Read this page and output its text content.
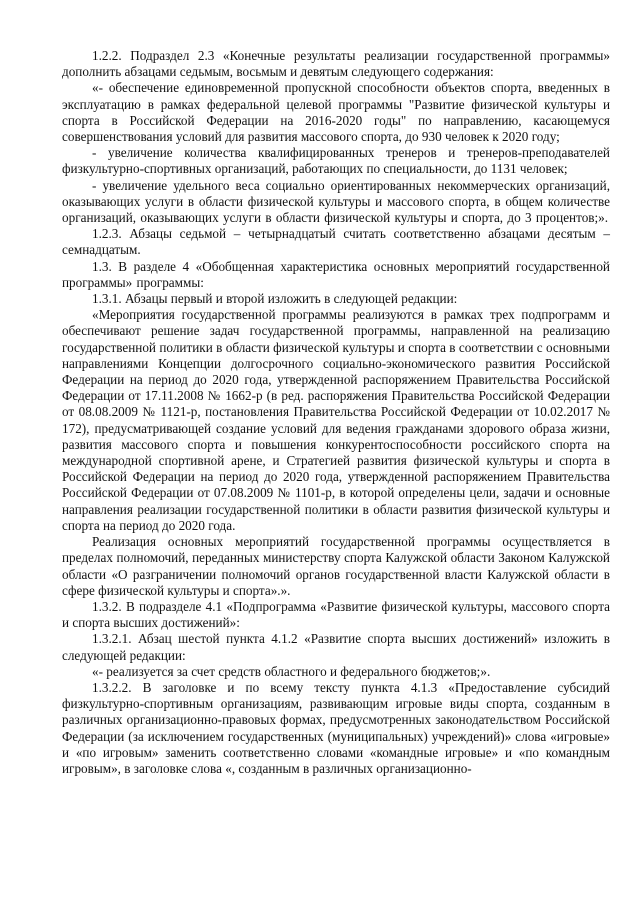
1.2.2. Подраздел 2.3 «Конечные результаты реализации государственной программы» дополнить абзацами седьмым, восьмым и девятым следующего содержания:

«- обеспечение единовременной пропускной способности объектов спорта, введенных в эксплуатацию в рамках федеральной целевой программы "Развитие физической культуры и спорта в Российской Федерации на 2016-2020 годы" по направлению, касающемуся совершенствования условий для развития массового спорта, до 930 человек к 2020 году;

- увеличение количества квалифицированных тренеров и тренеров-преподавателей физкультурно-спортивных организаций, работающих по специальности, до 1131 человек;

- увеличение удельного веса социально ориентированных некоммерческих организаций, оказывающих услуги в области физической культуры и массового спорта, в общем количестве организаций, оказывающих услуги в области физической культуры и спорта, до 3 процентов;».

1.2.3. Абзацы седьмой – четырнадцатый считать соответственно абзацами десятым – семнадцатым.

1.3. В разделе 4 «Обобщенная характеристика основных мероприятий государственной программы» программы:

1.3.1. Абзацы первый и второй изложить в следующей редакции:

«Мероприятия государственной программы реализуются в рамках трех подпрограмм и обеспечивают решение задач государственной программы, направленной на реализацию государственной политики в области физической культуры и спорта в соответствии с основными направлениями Концепции долгосрочного социально-экономического развития Российской Федерации на период до 2020 года, утвержденной распоряжением Правительства Российской Федерации от 17.11.2008 № 1662-р (в ред. распоряжения Правительства Российской Федерации от 08.08.2009 № 1121-р, постановления Правительства Российской Федерации от 10.02.2017 № 172), предусматривающей создание условий для ведения гражданами здорового образа жизни, развития массового спорта и повышения конкурентоспособности российского спорта на международной спортивной арене, и Стратегией развития физической культуры и спорта в Российской Федерации на период до 2020 года, утвержденной распоряжением Правительства Российской Федерации от 07.08.2009 № 1101-р, в которой определены цели, задачи и основные направления реализации государственной политики в области развития физической культуры и спорта на период до 2020 года.

Реализация основных мероприятий государственной программы осуществляется в пределах полномочий, переданных министерству спорта Калужской области Законом Калужской области «О разграничении полномочий органов государственной власти Калужской области в сфере физической культуры и спорта».».

1.3.2. В подразделе 4.1 «Подпрограмма «Развитие физической культуры, массового спорта и спорта высших достижений»:

1.3.2.1. Абзац шестой пункта 4.1.2 «Развитие спорта высших достижений» изложить в следующей редакции:

«- реализуется за счет средств областного и федерального бюджетов;».

1.3.2.2. В заголовке и по всему тексту пункта 4.1.3 «Предоставление субсидий физкультурно-спортивным организациям, развивающим игровые виды спорта, созданным в различных организационно-правовых формах, предусмотренных законодательством Российской Федерации (за исключением государственных (муниципальных) учреждений)» слова «игровые» и «по игровым» заменить соответственно словами «командные игровые» и «по командным игровым», в заголовке слова «, созданным в различных организационно-
